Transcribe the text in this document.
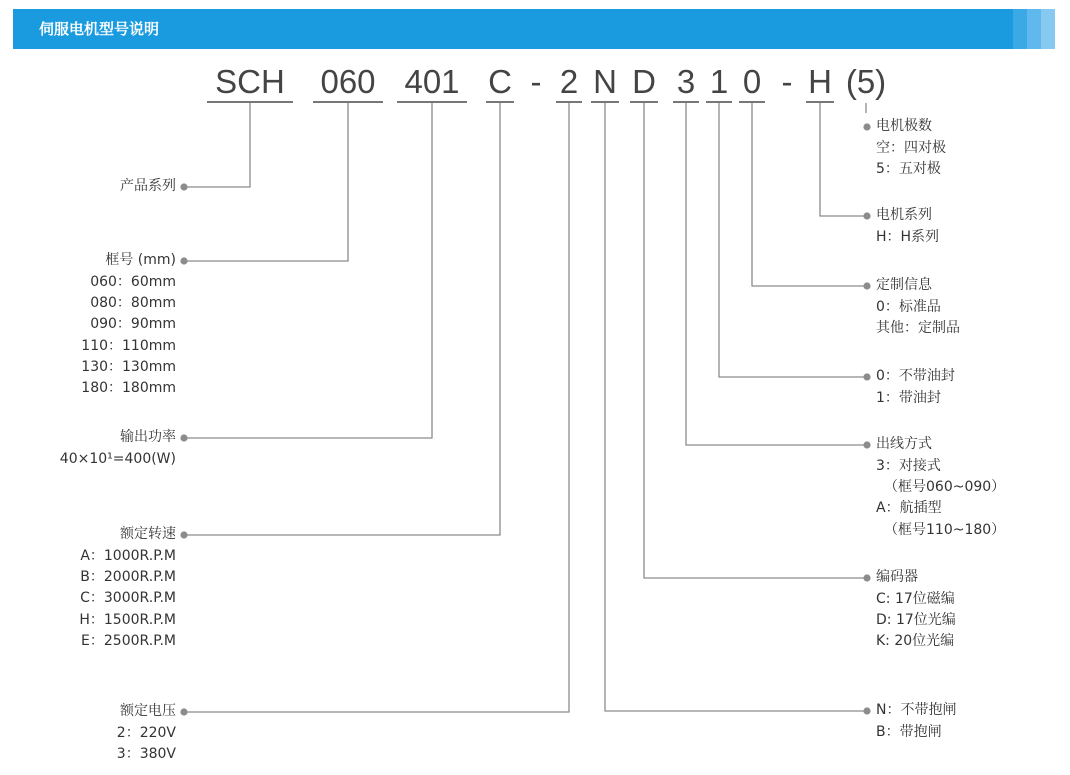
伺服电机型号说明
SCH 060 401 C - 2 N D 3 1 0 - H (5)
产品系列
框号 (mm)
060：60mm
080：80mm
090：90mm
110：110mm
130：130mm
180：180mm
输出功率
40×10¹=400(W)
额定转速
A：1000R.P.M
B：2000R.P.M
C：3000R.P.M
H：1500R.P.M
E：2500R.P.M
额定电压
2：220V
3：380V
电机极数
空：四对极
5：五对极
电机系列
H：H系列
定制信息
0：标准品
其他：定制品
0：不带油封
1：带油封
出线方式
3：对接式
（框号060~090）
A：航插型
（框号110~180）
编码器
C: 17位磁编
D: 17位光编
K: 20位光编
N：不带抱闸
B：带抱闸
